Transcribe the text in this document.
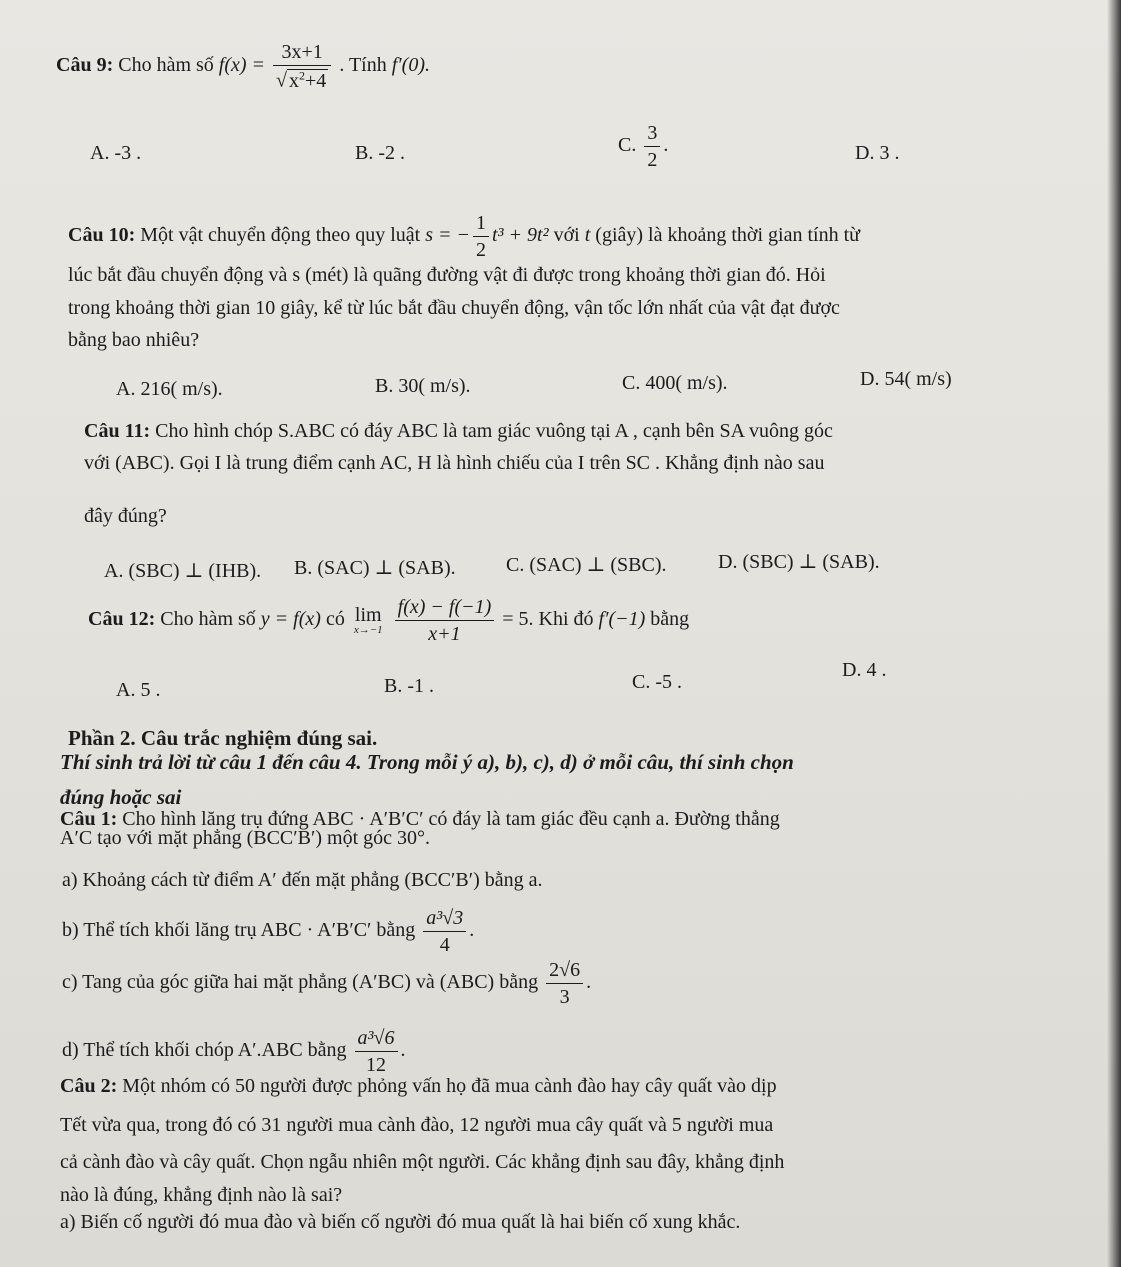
Câu 9: Cho hàm số $f(x) = \frac{3x+1}{√ x^2+4}$ . Tính f′(0).
A. -3 .	B. -2 .	C. $\frac{3}{2}$ .	D. 3 .
Câu 10: Một vật chuyển động theo quy luật s = − $\frac{1}{2} t^3 + 9t^2$ với t (giây) là khoảng thời gian tính từ
lúc bắt đầu chuyển động và s (mét) là quãng đường vật đi được trong khoảng thời gian đó. Hỏi
trong khoảng thời gian 10 giây, kể từ lúc bắt đầu chuyển động, vận tốc lớn nhất của vật đạt được
bằng bao nhiêu?
A. 216( m/s).	B. 30( m/s).	C. 400( m/s).	D. 54( m/s)
Câu 11: Cho hình chóp S.ABC có đáy ABC là tam giác vuông tại A , cạnh bên SA vuông góc
với (ABC). Gọi I là trung điểm cạnh AC, H là hình chiếu của I trên SC . Khẳng định nào sau
đây đúng?
A. (SBC) ⊥ (IHB). B. (SAC) ⊥ (SAB).	C. (SAC) ⊥ (SBC).	D. (SBC) ⊥ (SAB).
Câu 12: Cho hàm số y = f(x) có lim
x→−1
$\frac{f(x) - f(-1)}{x+1} = 5$. Khi đó f′(−1) bằng
A. 5 .	B. -1 .	C. -5 .
D. 4 .
Phần 2. Câu trắc nghiệm đúng sai.
Thí sinh trả lời từ câu 1 đến câu 4. Trong mỗi ý a), b), c), d) ở mỗi câu, thí sinh chọn
đúng hoặc sai
Câu 1: Cho hình lăng trụ đứng ABC · A′B′C′ có đáy là tam giác đều cạnh a. Đường thẳng
A′C tạo với mặt phẳng (BCC′B′) một góc 30°.
a) Khoảng cách từ điểm A′ đến mặt phẳng (BCC′B′) bằng a.
b) Thể tích khối lăng trụ ABC · A′B′C′ bằng $\frac{\text{a³√3}}{4}$ .
c) Tang của góc giữa hai mặt phẳng (A′BC) và (ABC) bằng $\frac{2√6}{3}$ .
d) Thể tích khối chóp A′.ABC bằng $\frac{\text{a³√6}}{12}$ .
Câu 2: Một nhóm có 50 người được phỏng vấn họ đã mua cành đào hay cây quất vào dịp
Tết vừa qua, trong đó có 31 người mua cành đào, 12 người mua cây quất và 5 người mua
cả cành đào và cây quất. Chọn ngẫu nhiên một người. Các khẳng định sau đây, khẳng định
nào là đúng, khẳng định nào là sai?
a) Biến cố người đó mua đào và biến cố người đó mua quất là hai biến cố xung khắc.
